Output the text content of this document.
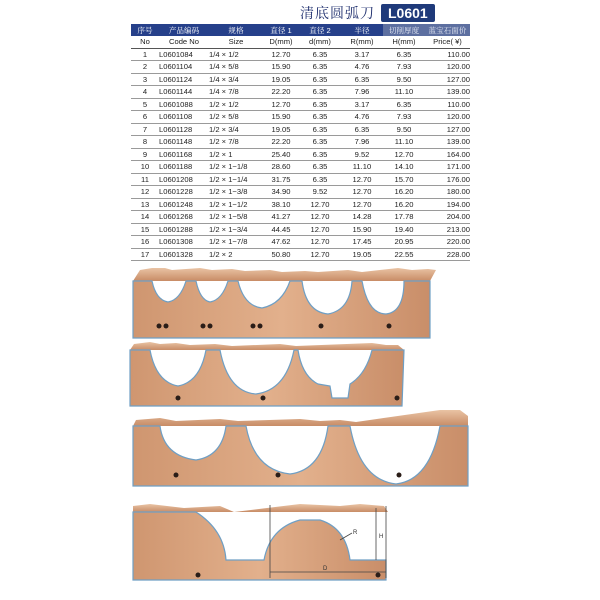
清底圆弧刀 L0601
序号	产品编码	规格	直径 1	直径 2	半径	切削厚度	蓝宝石面价
No	Code No	Size	D(mm)	d(mm)	R(mm)	H(mm)	Price( ¥)
1	L0601084	1/4 × 1/2	12.70	6.35	3.17	6.35	110.00
2	L0601104	1/4 × 5/8	15.90	6.35	4.76	7.93	120.00
3	L0601124	1/4 × 3/4	19.05	6.35	6.35	9.50	127.00
4	L0601144	1/4 × 7/8	22.20	6.35	7.96	11.10	139.00
5	L0601088	1/2 × 1/2	12.70	6.35	3.17	6.35	110.00
6	L0601108	1/2 × 5/8	15.90	6.35	4.76	7.93	120.00
7	L0601128	1/2 × 3/4	19.05	6.35	6.35	9.50	127.00
8	L0601148	1/2 × 7/8	22.20	6.35	7.96	11.10	139.00
9	L0601168	1/2 × 1	25.40	6.35	9.52	12.70	164.00
10	L0601188	1/2 × 1−1/8	28.60	6.35	11.10	14.10	171.00
11	L0601208	1/2 × 1−1/4	31.75	6.35	12.70	15.70	176.00
12	L0601228	1/2 × 1−3/8	34.90	9.52	12.70	16.20	180.00
13	L0601248	1/2 × 1−1/2	38.10	12.70	12.70	16.20	194.00
14	L0601268	1/2 × 1−5/8	41.27	12.70	14.28	17.78	204.00
15	L0601288	1/2 × 1−3/4	44.45	12.70	15.90	19.40	213.00
16	L0601308	1/2 × 1−7/8	47.62	12.70	17.45	20.95	220.00
17	L0601328	1/2 × 2	50.80	12.70	19.05	22.55	228.00
R
H
D
